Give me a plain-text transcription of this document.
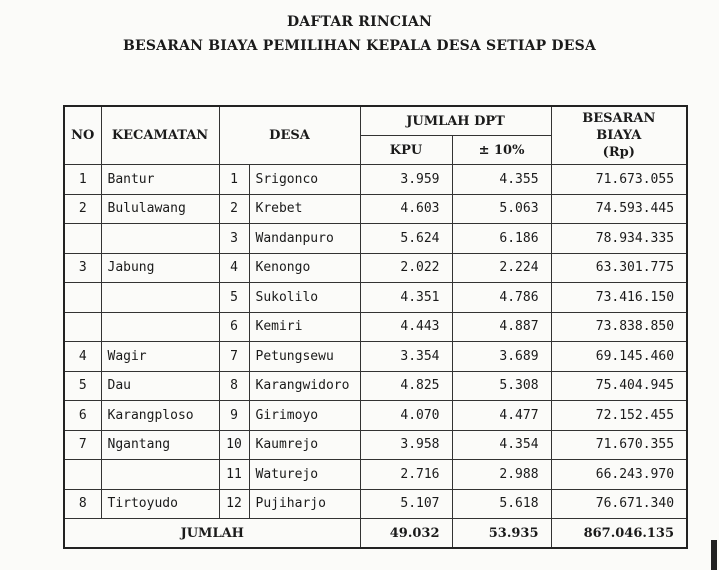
DAFTAR RINCIAN
BESARAN BIAYA PEMILIHAN KEPALA DESA SETIAP DESA
NO	KECAMATAN	DESA		JUMLAH DPT		BESARAN
BIAYA
(Rp)

				KPU	± 10%	
1	Bantur	1	Srigonco	3.959	4.355	71.673.055
2	Bululawang	2	Krebet	4.603	5.063	74.593.445
		3	Wandanpuro	5.624	6.186	78.934.335
3	Jabung	4	Kenongo	2.022	2.224	63.301.775
		5	Sukolilo	4.351	4.786	73.416.150
		6	Kemiri	4.443	4.887	73.838.850
4	Wagir	7	Petungsewu	3.354	3.689	69.145.460
5	Dau	8	Karangwidoro	4.825	5.308	75.404.945
6	Karangploso	9	Girimoyo	4.070	4.477	72.152.455
7	Ngantang	10	Kaumrejo	3.958	4.354	71.670.355
		11	Waturejo	2.716	2.988	66.243.970
8	Tirtoyudo	12	Pujiharjo	5.107	5.618	76.671.340
JUMLAH				49.032	53.935	867.046.135
